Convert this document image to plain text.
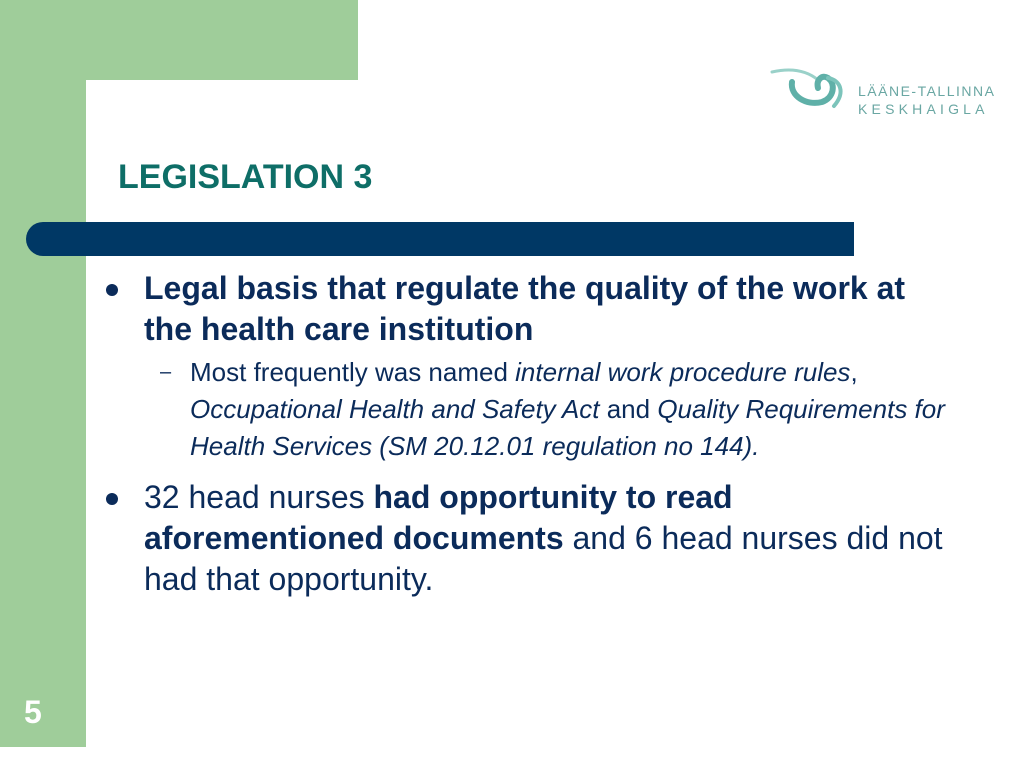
5
LÄÄNE-TALLINNA
KESKHAIGLA
LEGISLATION 3
Legal basis that regulate the quality of the work at the health care institution
– Most frequently was named internal work procedure rules, Occupational Health and Safety Act and Quality Requirements for Health Services (SM 20.12.01 regulation no 144).
32 head nurses had opportunity to read aforementioned documents and 6 head nurses did not had that opportunity.
